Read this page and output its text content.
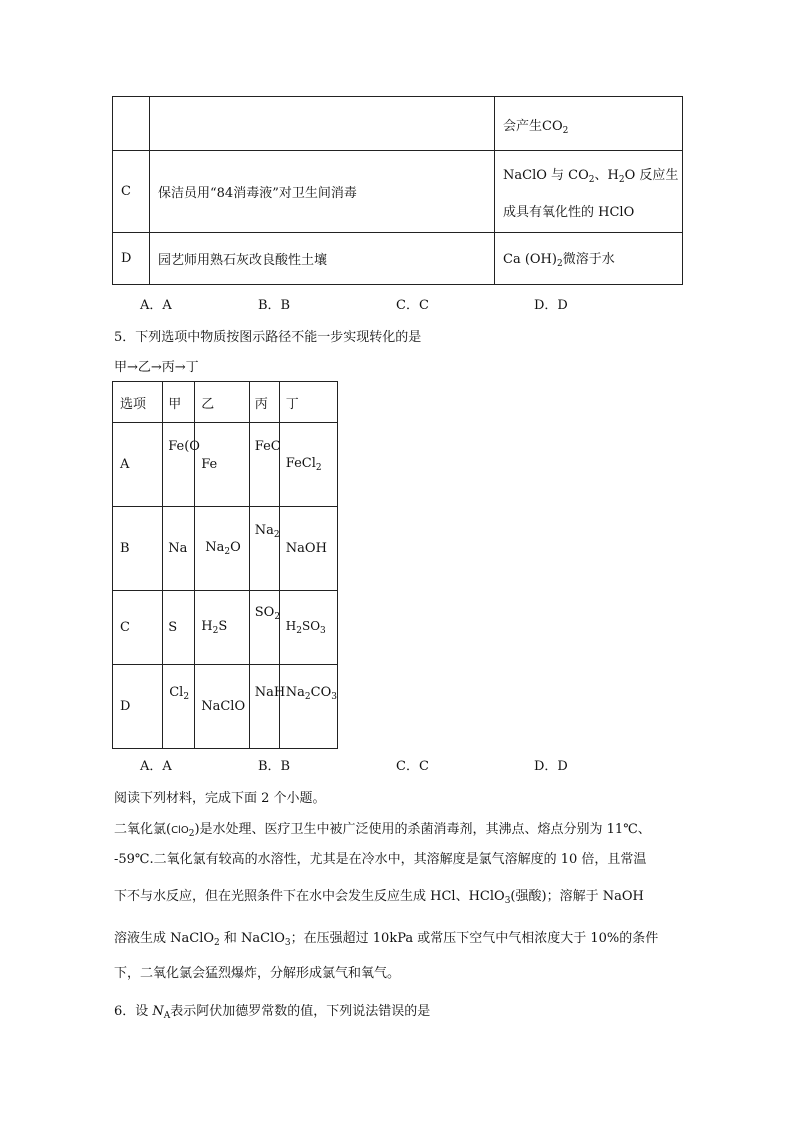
		会产生$CO_2$
C	保洁员用“84消毒液”对卫生间消毒	NaClO 与 $CO_2$、$H_2O$ 反应生
成具有氧化性的 HClO

D	园艺师用熟石灰改良酸性土壤	Ca $(OH)_2$微溶于水
A．A	B．B	C．C	D．D
5．下列选项中物质按图示路径不能一步实现转化的是
甲→乙→丙→丁
选项	甲	乙	丙	丁
A	Fe(O	Fe	FeC	FeCl$_2$
B	Na	$Na_2O$	$Na_2$	NaOH
C	S	$H_2S$	$SO_2$	$H_2SO_3$
D	$Cl_2$	NaClO	NaH	$Na_2CO_3$
A．A	B．B	C．C	D．D
阅读下列材料，完成下面 2 个小题。
二氧化氯(ClO$_2$)是水处理、医疗卫生中被广泛使用的杀菌消毒剂，其沸点、熔点分别为 11℃、
-59℃.二氧化氯有较高的水溶性，尤其是在冷水中，其溶解度是氯气溶解度的 10 倍，且常温
下不与水反应，但在光照条件下在水中会发生反应生成 HCl、HClO$_3$(强酸)；溶解于 NaOH
溶液生成 NaClO$_2$ 和 NaClO$_3$；在压强超过 10kPa 或常压下空气中气相浓度大于 10%的条件
下，二氧化氯会猛烈爆炸，分解形成氯气和氧气。
6．设 $N_A$表示阿伏加德罗常数的值，下列说法错误的是
